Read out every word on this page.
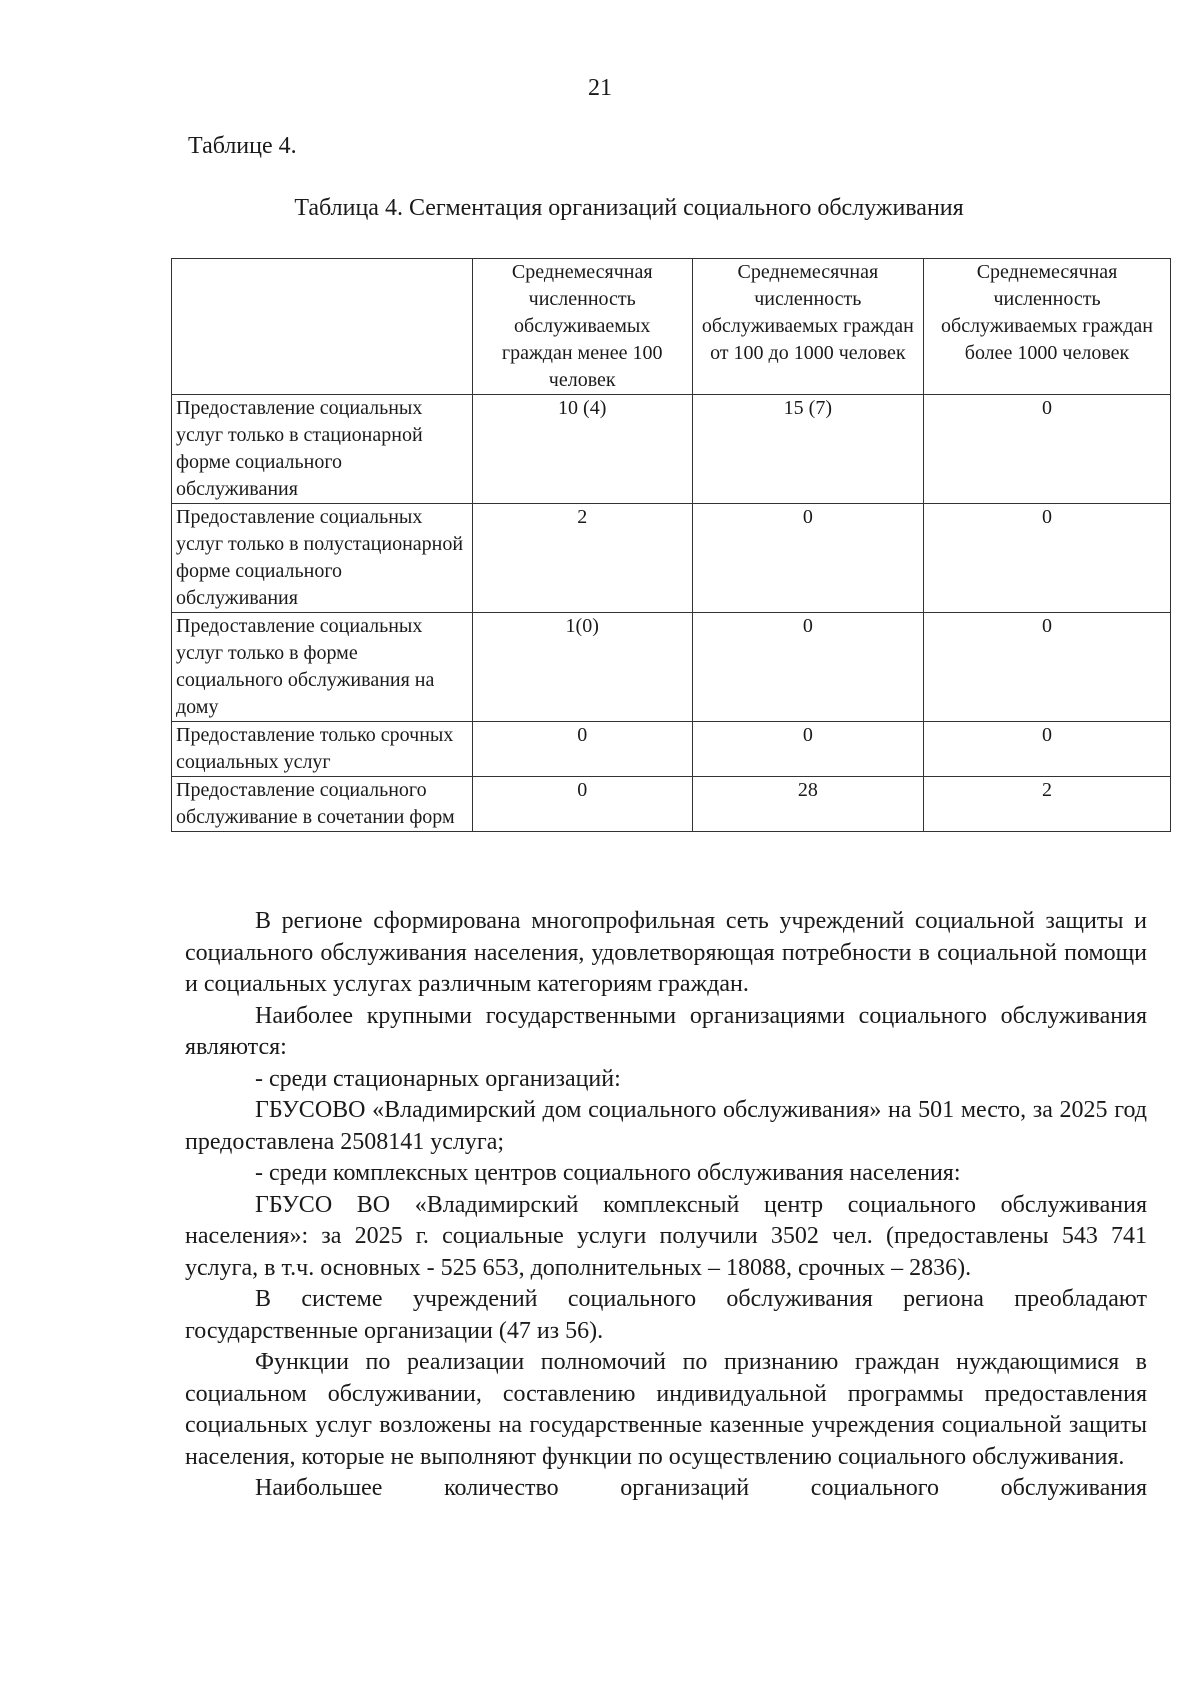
21
Таблице 4.
Таблица 4. Сегментация организаций социального обслуживания
	Среднемесячная численность обслуживаемых граждан менее 100 человек	Среднемесячная численность обслуживаемых граждан от 100 до 1000 человек	Среднемесячная численность обслуживаемых граждан более 1000 человек
Предоставление социальных услуг только в стационарной форме социального обслуживания	10 (4)	15 (7)	0
Предоставление социальных услуг только в полустационарной форме социального обслуживания	2	0	0
Предоставление социальных услуг только в форме социального обслуживания на дому	1(0)	0	0
Предоставление только срочных социальных услуг	0	0	0
Предоставление социального обслуживание в сочетании форм	0	28	2

В регионе сформирована многопрофильная сеть учреждений социальной защиты и социального обслуживания населения, удовлетворяющая потребности в социальной помощи и социальных услугах различным категориям граждан.

Наиболее крупными государственными организациями социального обслуживания являются:

- среди стационарных организаций:

ГБУСОВО «Владимирский дом социального обслуживания» на 501 место, за 2025 год предоставлена 2508141 услуга;

- среди комплексных центров социального обслуживания населения:

ГБУСО ВО «Владимирский комплексный центр социального обслуживания населения»: за 2025 г. социальные услуги получили 3502 чел. (предоставлены 543 741 услуга, в т.ч. основных - 525 653, дополнительных – 18088, срочных – 2836).

В системе учреждений социального обслуживания региона преобладают государственные организации (47 из 56).

Функции по реализации полномочий по признанию граждан нуждающимися в социальном обслуживании, составлению индивидуальной программы предоставления социальных услуг возложены на государственные казенные учреждения социальной защиты населения, которые не выполняют функции по осуществлению социального обслуживания.

Наибольшее количество организаций социального обслуживания
